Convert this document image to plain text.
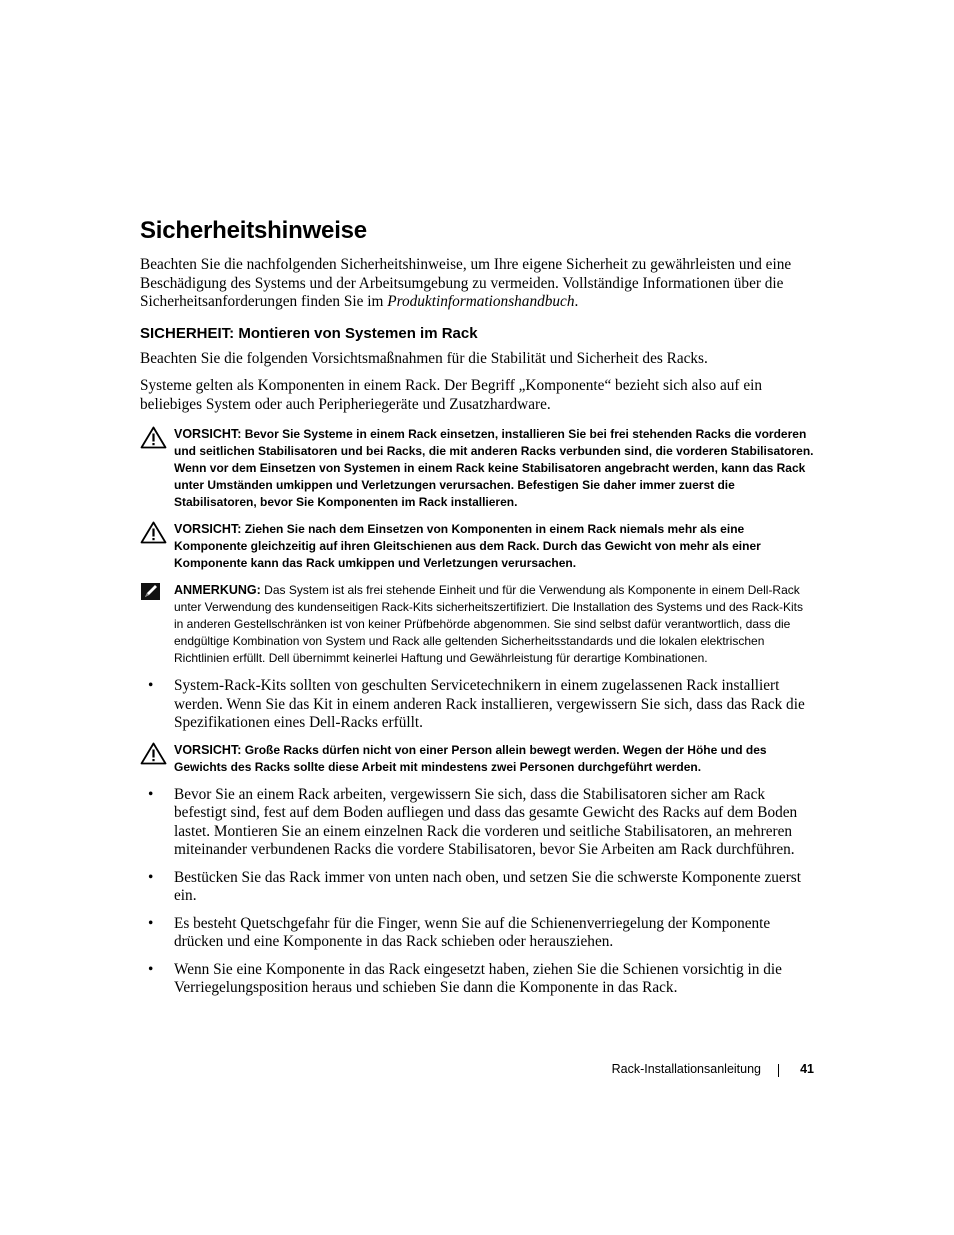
Sicherheitshinweise

Beachten Sie die nachfolgenden Sicherheitshinweise, um Ihre eigene Sicherheit zu gewährleisten und eine Beschädigung des Systems und der Arbeitsumgebung zu vermeiden. Vollständige Informationen über die Sicherheitsanforderungen finden Sie im Produktinformationshandbuch.

SICHERHEIT: Montieren von Systemen im Rack

Beachten Sie die folgenden Vorsichtsmaßnahmen für die Stabilität und Sicherheit des Racks.

Systeme gelten als Komponenten in einem Rack. Der Begriff „Komponente“ bezieht sich also auf ein beliebiges System oder auch Peripheriegeräte und Zusatzhardware.

VORSICHT: Bevor Sie Systeme in einem Rack einsetzen, installieren Sie bei frei stehenden Racks die vorderen und seitlichen Stabilisatoren und bei Racks, die mit anderen Racks verbunden sind, die vorderen Stabilisatoren. Wenn vor dem Einsetzen von Systemen in einem Rack keine Stabilisatoren angebracht werden, kann das Rack unter Umständen umkippen und Verletzungen verursachen. Befestigen Sie daher immer zuerst die Stabilisatoren, bevor Sie Komponenten im Rack installieren.
VORSICHT: Ziehen Sie nach dem Einsetzen von Komponenten in einem Rack niemals mehr als eine Komponente gleichzeitig auf ihren Gleitschienen aus dem Rack. Durch das Gewicht von mehr als einer Komponente kann das Rack umkippen und Verletzungen verursachen.
ANMERKUNG: Das System ist als frei stehende Einheit und für die Verwendung als Komponente in einem Dell-Rack unter Verwendung des kundenseitigen Rack-Kits sicherheitszertifiziert. Die Installation des Systems und des Rack-Kits in anderen Gestellschränken ist von keiner Prüfbehörde abgenommen. Sie sind selbst dafür verantwortlich, dass die endgültige Kombination von System und Rack alle geltenden Sicherheitsstandards und die lokalen elektrischen Richtlinien erfüllt. Dell übernimmt keinerlei Haftung und Gewährleistung für derartige Kombinationen.
• System-Rack-Kits sollten von geschulten Servicetechnikern in einem zugelassenen Rack installiert werden. Wenn Sie das Kit in einem anderen Rack installieren, vergewissern Sie sich, dass das Rack die Spezifikationen eines Dell-Racks erfüllt.
VORSICHT: Große Racks dürfen nicht von einer Person allein bewegt werden. Wegen der Höhe und des Gewichts des Racks sollte diese Arbeit mit mindestens zwei Personen durchgeführt werden.
• Bevor Sie an einem Rack arbeiten, vergewissern Sie sich, dass die Stabilisatoren sicher am Rack befestigt sind, fest auf dem Boden aufliegen und dass das gesamte Gewicht des Racks auf dem Boden lastet. Montieren Sie an einem einzelnen Rack die vorderen und seitliche Stabilisatoren, an mehreren miteinander verbundenen Racks die vordere Stabilisatoren, bevor Sie Arbeiten am Rack durchführen.
• Bestücken Sie das Rack immer von unten nach oben, und setzen Sie die schwerste Komponente zuerst ein.
• Es besteht Quetschgefahr für die Finger, wenn Sie auf die Schienenverriegelung der Komponente drücken und eine Komponente in das Rack schieben oder herausziehen.
• Wenn Sie eine Komponente in das Rack eingesetzt haben, ziehen Sie die Schienen vorsichtig in die Verriegelungsposition heraus und schieben Sie dann die Komponente in das Rack.
Rack-Installationsanleitung	41
